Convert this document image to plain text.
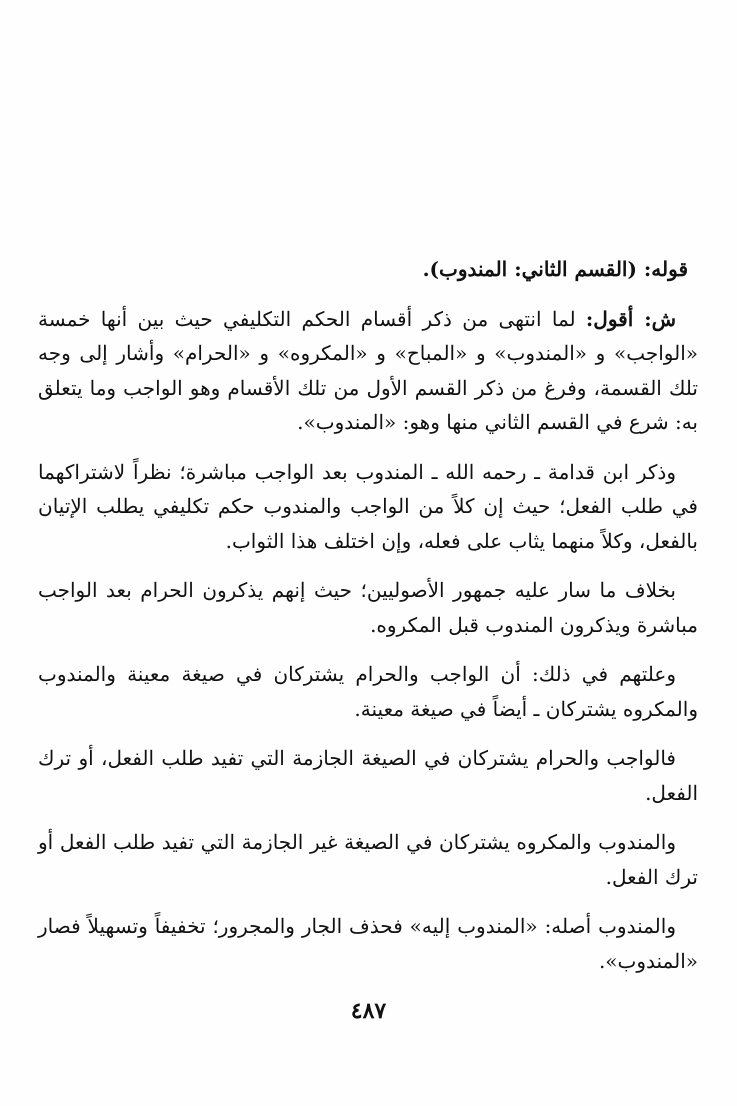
قوله: (القسم الثاني: المندوب).

ش: أقول: لما انتهى من ذكر أقسام الحكم التكليفي حيث بين أنها خمسة «الواجب» و «المندوب» و «المباح» و «المكروه» و «الحرام» وأشار إلى وجه تلك القسمة، وفرغ من ذكر القسم الأول من تلك الأقسام وهو الواجب وما يتعلق به: شرع في القسم الثاني منها وهو: «المندوب».

وذكر ابن قدامة ـ رحمه الله ـ المندوب بعد الواجب مباشرة؛ نظراً لاشتراكهما في طلب الفعل؛ حيث إن كلاً من الواجب والمندوب حكم تكليفي يطلب الإتيان بالفعل، وكلاً منهما يثاب على فعله، وإن اختلف هذا الثواب.

بخلاف ما سار عليه جمهور الأصوليين؛ حيث إنهم يذكرون الحرام بعد الواجب مباشرة ويذكرون المندوب قبل المكروه.

وعلتهم في ذلك: أن الواجب والحرام يشتركان في صيغة معينة والمندوب والمكروه يشتركان ـ أيضاً في صيغة معينة.

فالواجب والحرام يشتركان في الصيغة الجازمة التي تفيد طلب الفعل، أو ترك الفعل.

والمندوب والمكروه يشتركان في الصيغة غير الجازمة التي تفيد طلب الفعل أو ترك الفعل.

والمندوب أصله: «المندوب إليه» فحذف الجار والمجرور؛ تخفيفاً وتسهيلاً فصار «المندوب».

٤٨٧
